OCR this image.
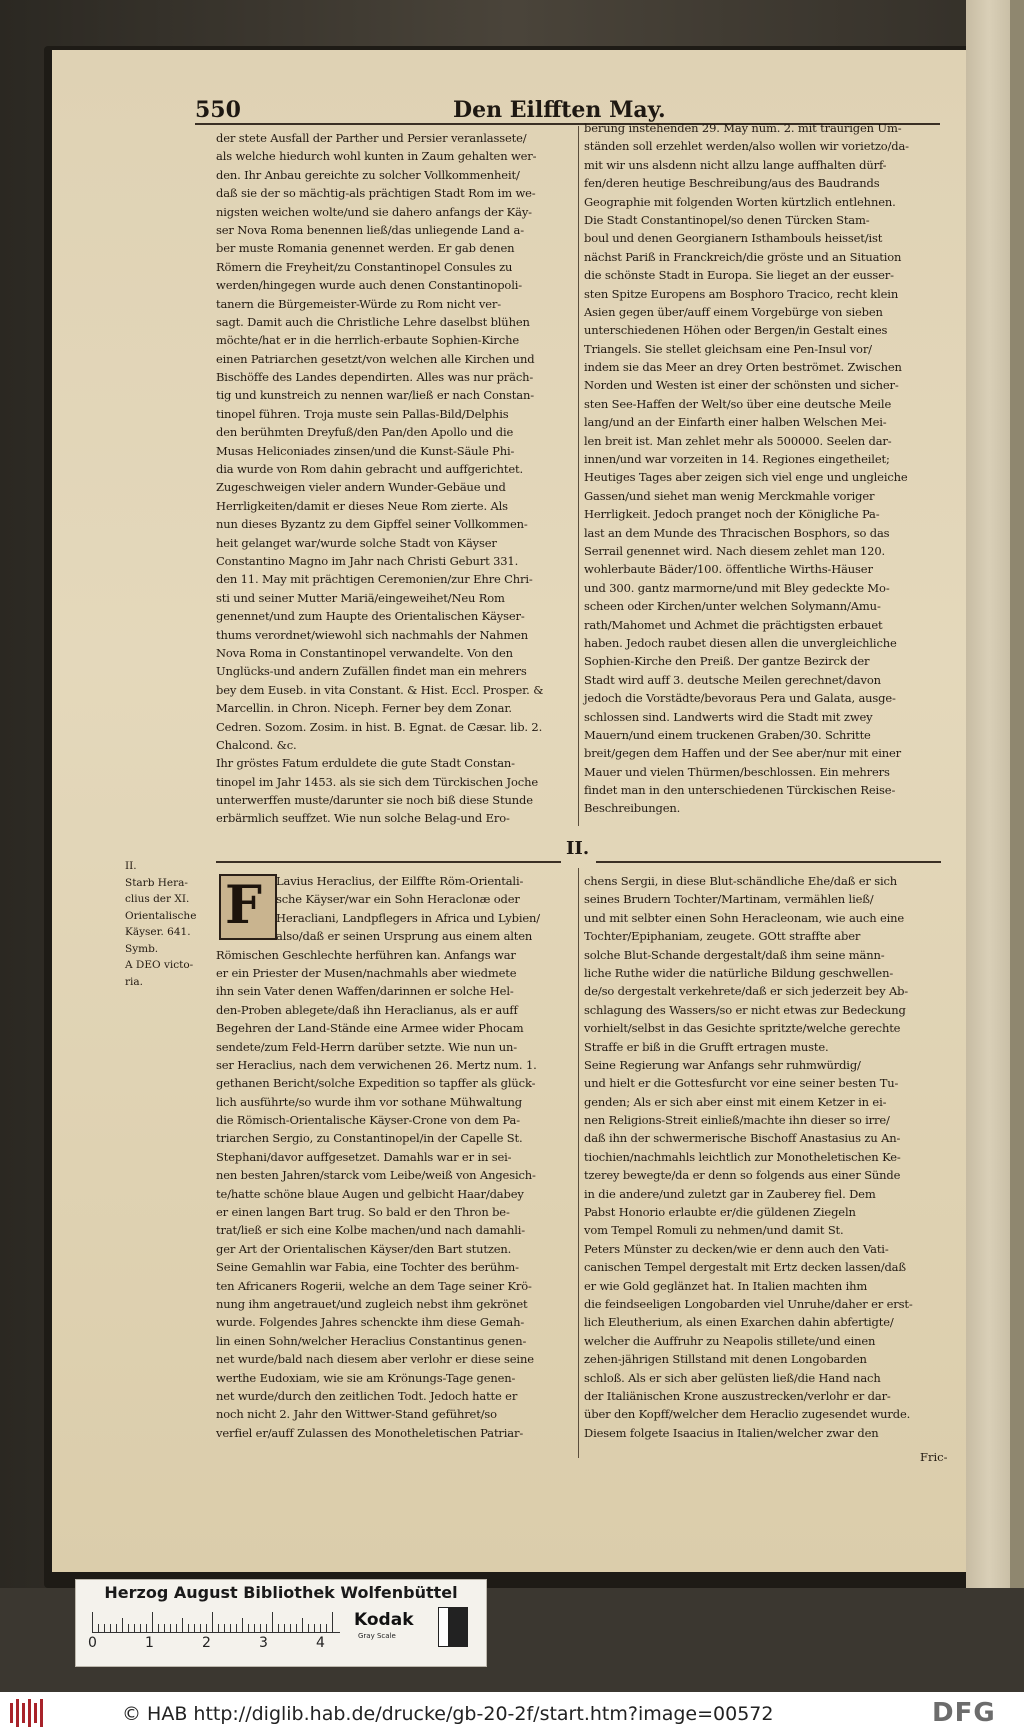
550	Den Eilfften May.

der stete Ausfall der Parther und Persier veranlassete/

als welche hiedurch wohl kunten in Zaum gehalten wer-

den. Ihr Anbau gereichte zu solcher Vollkommenheit/

daß sie der so mächtig-als prächtigen Stadt Rom im we-

nigsten weichen wolte/und sie dahero anfangs der Käy-

ser Nova Roma benennen ließ/das unliegende Land a-

ber muste Romania genennet werden. Er gab denen

Römern die Freyheit/zu Constantinopel Consules zu

werden/hingegen wurde auch denen Constantinopoli-

tanern die Bürgemeister-Würde zu Rom nicht ver-

sagt. Damit auch die Christliche Lehre daselbst blühen

möchte/hat er in die herrlich-erbaute Sophien-Kirche

einen Patriarchen gesetzt/von welchen alle Kirchen und

Bischöffe des Landes dependirten. Alles was nur präch-

tig und kunstreich zu nennen war/ließ er nach Constan-

tinopel führen. Troja muste sein Pallas-Bild/Delphis

den berühmten Dreyfuß/den Pan/den Apollo und die

Musas Heliconiades zinsen/und die Kunst-Säule Phi-

dia wurde von Rom dahin gebracht und auffgerichtet.

Zugeschweigen vieler andern Wunder-Gebäue und

Herrligkeiten/damit er dieses Neue Rom zierte. Als

nun dieses Byzantz zu dem Gipffel seiner Vollkommen-

heit gelanget war/wurde solche Stadt von Käyser

Constantino Magno im Jahr nach Christi Geburt 331.

den 11. May mit prächtigen Ceremonien/zur Ehre Chri-

sti und seiner Mutter Mariä/eingeweihet/Neu Rom

genennet/und zum Haupte des Orientalischen Käyser-

thums verordnet/wiewohl sich nachmahls der Nahmen

Nova Roma in Constantinopel verwandelte. Von den

Unglücks-und andern Zufällen findet man ein mehrers

bey dem Euseb. in vita Constant. & Hist. Eccl. Prosper. &

Marcellin. in Chron. Niceph. Ferner bey dem Zonar.

Cedren. Sozom. Zosim. in hist. B. Egnat. de Cæsar. lib. 2.

Chalcond. &c.

Ihr gröstes Fatum erduldete die gute Stadt Constan-

tinopel im Jahr 1453. als sie sich dem Türckischen Joche

unterwerffen muste/darunter sie noch biß diese Stunde

erbärmlich seuffzet. Wie nun solche Belag-und Ero-

berung instehenden 29. May num. 2. mit traurigen Um-

ständen soll erzehlet werden/also wollen wir vorietzo/da-

mit wir uns alsdenn nicht allzu lange auffhalten dürf-

fen/deren heutige Beschreibung/aus des Baudrands

Geographie mit folgenden Worten kürtzlich entlehnen.

Die Stadt Constantinopel/so denen Türcken Stam-

boul und denen Georgianern Isthambouls heisset/ist

nächst Pariß in Franckreich/die gröste und an Situation

die schönste Stadt in Europa. Sie lieget an der eusser-

sten Spitze Europens am Bosphoro Tracico, recht klein

Asien gegen über/auff einem Vorgebürge von sieben

unterschiedenen Höhen oder Bergen/in Gestalt eines

Triangels. Sie stellet gleichsam eine Pen-Insul vor/

indem sie das Meer an drey Orten beströmet. Zwischen

Norden und Westen ist einer der schönsten und sicher-

sten See-Haffen der Welt/so über eine deutsche Meile

lang/und an der Einfarth einer halben Welschen Mei-

len breit ist. Man zehlet mehr als 500000. Seelen dar-

innen/und war vorzeiten in 14. Regiones eingetheilet;

Heutiges Tages aber zeigen sich viel enge und ungleiche

Gassen/und siehet man wenig Merckmahle voriger

Herrligkeit. Jedoch pranget noch der Königliche Pa-

last an dem Munde des Thracischen Bosphors, so das

Serrail genennet wird. Nach diesem zehlet man 120.

wohlerbaute Bäder/100. öffentliche Wirths-Häuser

und 300. gantz marmorne/und mit Bley gedeckte Mo-

scheen oder Kirchen/unter welchen Solymann/Amu-

rath/Mahomet und Achmet die prächtigsten erbauet

haben. Jedoch raubet diesen allen die unvergleichliche

Sophien-Kirche den Preiß. Der gantze Bezirck der

Stadt wird auff 3. deutsche Meilen gerechnet/davon

jedoch die Vorstädte/bevoraus Pera und Galata, ausge-

schlossen sind. Landwerts wird die Stadt mit zwey

Mauern/und einem truckenen Graben/30. Schritte

breit/gegen dem Haffen und der See aber/nur mit einer

Mauer und vielen Thürmen/beschlossen. Ein mehrers

findet man in den unterschiedenen Türckischen Reise-

Beschreibungen.

II.

II.

Starb Hera-

clius der XI.

Orientalische

Käyser. 641.

Symb.

A DEO victo-

ria.

F	Lavius Heraclius, der Eilffte Röm-Orientali-

sche Käyser/war ein Sohn Heraclonæ oder

Heracliani, Landpflegers in Africa und Lybien/

also/daß er seinen Ursprung aus einem alten

Römischen Geschlechte herführen kan. Anfangs war

er ein Priester der Musen/nachmahls aber wiedmete

ihn sein Vater denen Waffen/darinnen er solche Hel-

den-Proben ablegete/daß ihn Heraclianus, als er auff

Begehren der Land-Stände eine Armee wider Phocam

sendete/zum Feld-Herrn darüber setzte. Wie nun un-

ser Heraclius, nach dem verwichenen 26. Mertz num. 1.

gethanen Bericht/solche Expedition so tapffer als glück-

lich ausführte/so wurde ihm vor sothane Mühwaltung

die Römisch-Orientalische Käyser-Crone von dem Pa-

triarchen Sergio, zu Constantinopel/in der Capelle St.

Stephani/davor auffgesetzet. Damahls war er in sei-

nen besten Jahren/starck vom Leibe/weiß von Angesich-

te/hatte schöne blaue Augen und gelbicht Haar/dabey

er einen langen Bart trug. So bald er den Thron be-

trat/ließ er sich eine Kolbe machen/und nach damahli-

ger Art der Orientalischen Käyser/den Bart stutzen.

Seine Gemahlin war Fabia, eine Tochter des berühm-

ten Africaners Rogerii, welche an dem Tage seiner Krö-

nung ihm angetrauet/und zugleich nebst ihm gekrönet

wurde. Folgendes Jahres schenckte ihm diese Gemah-

lin einen Sohn/welcher Heraclius Constantinus genen-

net wurde/bald nach diesem aber verlohr er diese seine

werthe Eudoxiam, wie sie am Krönungs-Tage genen-

net wurde/durch den zeitlichen Todt. Jedoch hatte er

noch nicht 2. Jahr den Wittwer-Stand geführet/so

verfiel er/auff Zulassen des Monotheletischen Patriar-

chens Sergii, in diese Blut-schändliche Ehe/daß er sich

seines Brudern Tochter/Martinam, vermählen ließ/

und mit selbter einen Sohn Heracleonam, wie auch eine

Tochter/Epiphaniam, zeugete. GOtt straffte aber

solche Blut-Schande dergestalt/daß ihm seine männ-

liche Ruthe wider die natürliche Bildung geschwellen-

de/so dergestalt verkehrete/daß er sich jederzeit bey Ab-

schlagung des Wassers/so er nicht etwas zur Bedeckung

vorhielt/selbst in das Gesichte spritzte/welche gerechte

Straffe er biß in die Grufft ertragen muste.

Seine Regierung war Anfangs sehr ruhmwürdig/

und hielt er die Gottesfurcht vor eine seiner besten Tu-

genden; Als er sich aber einst mit einem Ketzer in ei-

nen Religions-Streit einließ/machte ihn dieser so irre/

daß ihn der schwermerische Bischoff Anastasius zu An-

tiochien/nachmahls leichtlich zur Monotheletischen Ke-

tzerey bewegte/da er denn so folgends aus einer Sünde

in die andere/und zuletzt gar in Zauberey fiel. Dem

Pabst Honorio erlaubte er/die güldenen Ziegeln

vom Tempel Romuli zu nehmen/und damit St.

Peters Münster zu decken/wie er denn auch den Vati-

canischen Tempel dergestalt mit Ertz decken lassen/daß

er wie Gold geglänzet hat. In Italien machten ihm

die feindseeligen Longobarden viel Unruhe/daher er erst-

lich Eleutherium, als einen Exarchen dahin abfertigte/

welcher die Auffruhr zu Neapolis stillete/und einen

zehen-jährigen Stillstand mit denen Longobarden

schloß. Als er sich aber gelüsten ließ/die Hand nach

der Italiänischen Krone auszustrecken/verlohr er dar-

über den Kopff/welcher dem Heraclio zugesendet wurde.

Diesem folgete Isaacius in Italien/welcher zwar den

Fric-
Herzog August Bibliothek Wolfenbüttel
0	1	2	3	4
Kodak
Gray Scale
© HAB http://diglib.hab.de/drucke/gb-20-2f/start.htm?image=00572	DFG
